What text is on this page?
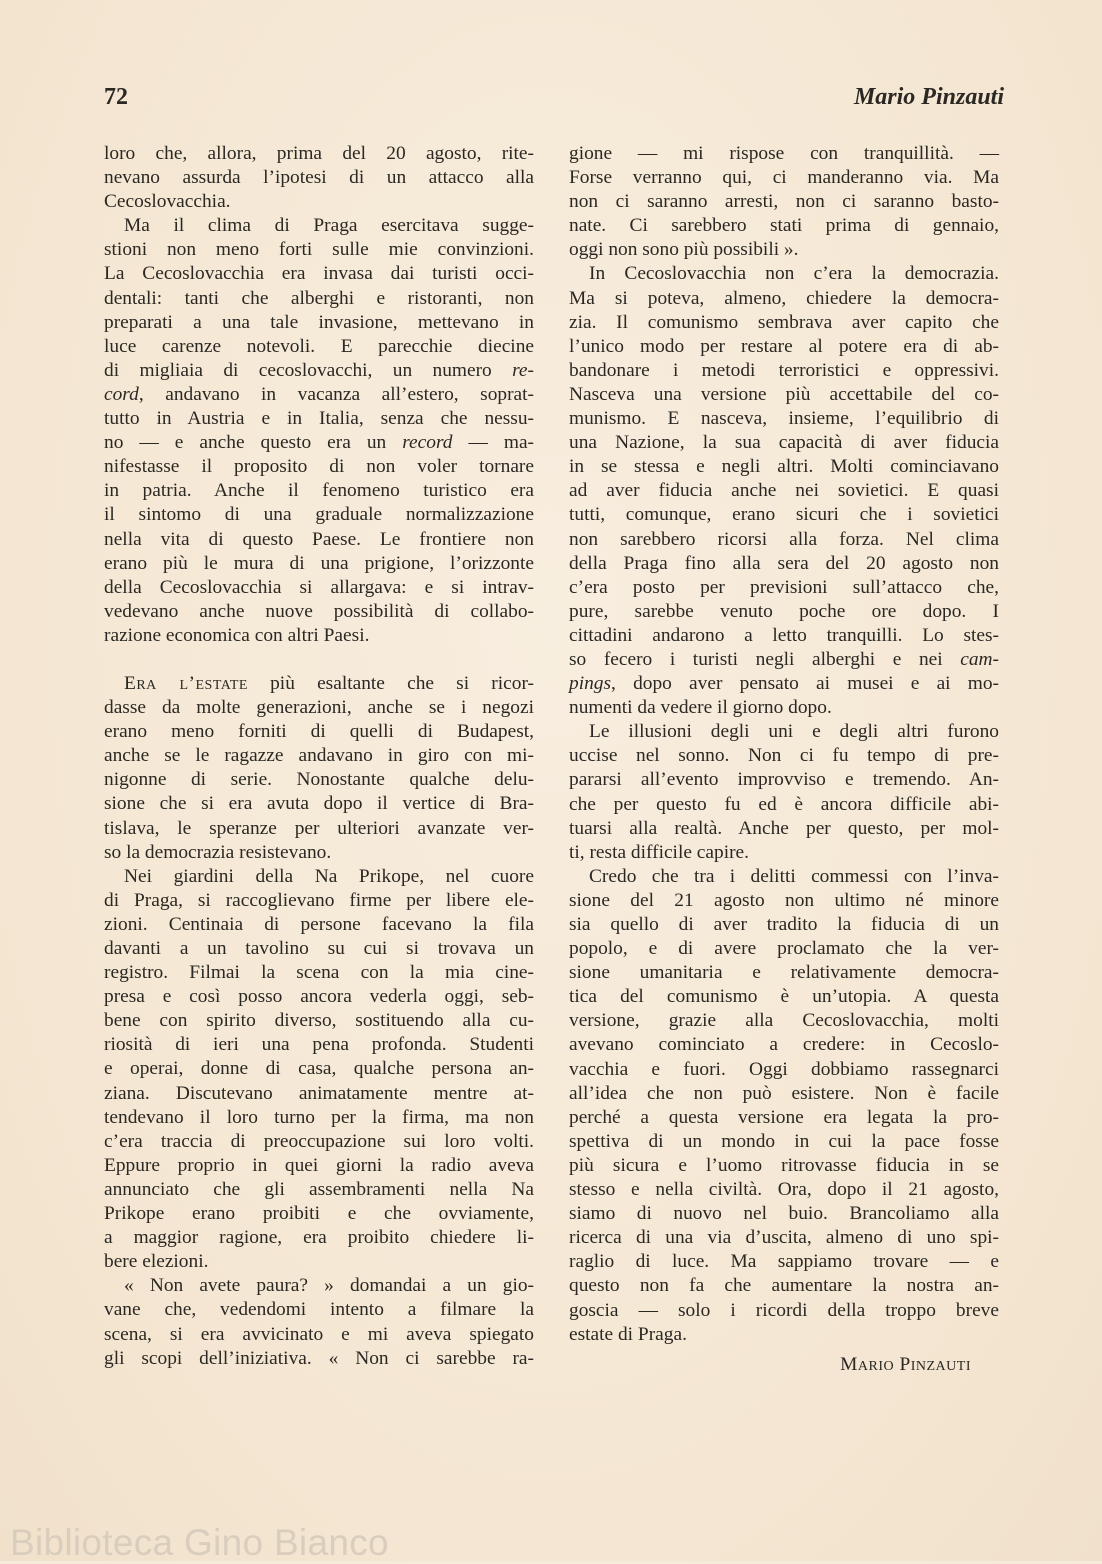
72	Mario Pinzauti
loro che, allora, prima del 20 agosto, rite-
nevano assurda l’ipotesi di un attacco alla
Cecoslovacchia.
Ma il clima di Praga esercitava sugge-
stioni non meno forti sulle mie convinzioni.
La Cecoslovacchia era invasa dai turisti occi-
dentali: tanti che alberghi e ristoranti, non
preparati a una tale invasione, mettevano in
luce carenze notevoli. E parecchie diecine
di migliaia di cecoslovacchi, un numero re-
cord, andavano in vacanza all’estero, soprat-
tutto in Austria e in Italia, senza che nessu-
no — e anche questo era un record — ma-
nifestasse il proposito di non voler tornare
in patria. Anche il fenomeno turistico era
il sintomo di una graduale normalizzazione
nella vita di questo Paese. Le frontiere non
erano più le mura di una prigione, l’orizzonte
della Cecoslovacchia si allargava: e si intrav-
vedevano anche nuove possibilità di collabo-
razione economica con altri Paesi.
Era l’estate più esaltante che si ricor-
dasse da molte generazioni, anche se i negozi
erano meno forniti di quelli di Budapest,
anche se le ragazze andavano in giro con mi-
nigonne di serie. Nonostante qualche delu-
sione che si era avuta dopo il vertice di Bra-
tislava, le speranze per ulteriori avanzate ver-
so la democrazia resistevano.
Nei giardini della Na Prikope, nel cuore
di Praga, si raccoglievano firme per libere ele-
zioni. Centinaia di persone facevano la fila
davanti a un tavolino su cui si trovava un
registro. Filmai la scena con la mia cine-
presa e così posso ancora vederla oggi, seb-
bene con spirito diverso, sostituendo alla cu-
riosità di ieri una pena profonda. Studenti
e operai, donne di casa, qualche persona an-
ziana. Discutevano animatamente mentre at-
tendevano il loro turno per la firma, ma non
c’era traccia di preoccupazione sui loro volti.
Eppure proprio in quei giorni la radio aveva
annunciato che gli assembramenti nella Na
Prikope erano proibiti e che ovviamente,
a maggior ragione, era proibito chiedere li-
bere elezioni.
« Non avete paura? » domandai a un gio-
vane che, vedendomi intento a filmare la
scena, si era avvicinato e mi aveva spiegato
gli scopi dell’iniziativa. « Non ci sarebbe ra-
gione — mi rispose con tranquillità. —
Forse verranno qui, ci manderanno via. Ma
non ci saranno arresti, non ci saranno basto-
nate. Ci sarebbero stati prima di gennaio,
oggi non sono più possibili ».
In Cecoslovacchia non c’era la democrazia.
Ma si poteva, almeno, chiedere la democra-
zia. Il comunismo sembrava aver capito che
l’unico modo per restare al potere era di ab-
bandonare i metodi terroristici e oppressivi.
Nasceva una versione più accettabile del co-
munismo. E nasceva, insieme, l’equilibrio di
una Nazione, la sua capacità di aver fiducia
in se stessa e negli altri. Molti cominciavano
ad aver fiducia anche nei sovietici. E quasi
tutti, comunque, erano sicuri che i sovietici
non sarebbero ricorsi alla forza. Nel clima
della Praga fino alla sera del 20 agosto non
c’era posto per previsioni sull’attacco che,
pure, sarebbe venuto poche ore dopo. I
cittadini andarono a letto tranquilli. Lo stes-
so fecero i turisti negli alberghi e nei cam-
pings, dopo aver pensato ai musei e ai mo-
numenti da vedere il giorno dopo.
Le illusioni degli uni e degli altri furono
uccise nel sonno. Non ci fu tempo di pre-
pararsi all’evento improvviso e tremendo. An-
che per questo fu ed è ancora difficile abi-
tuarsi alla realtà. Anche per questo, per mol-
ti, resta difficile capire.
Credo che tra i delitti commessi con l’inva-
sione del 21 agosto non ultimo né minore
sia quello di aver tradito la fiducia di un
popolo, e di avere proclamato che la ver-
sione umanitaria e relativamente democra-
tica del comunismo è un’utopia. A questa
versione, grazie alla Cecoslovacchia, molti
avevano cominciato a credere: in Cecoslo-
vacchia e fuori. Oggi dobbiamo rassegnarci
all’idea che non può esistere. Non è facile
perché a questa versione era legata la pro-
spettiva di un mondo in cui la pace fosse
più sicura e l’uomo ritrovasse fiducia in se
stesso e nella civiltà. Ora, dopo il 21 agosto,
siamo di nuovo nel buio. Brancoliamo alla
ricerca di una via d’uscita, almeno di uno spi-
raglio di luce. Ma sappiamo trovare — e
questo non fa che aumentare la nostra an-
goscia — solo i ricordi della troppo breve
estate di Praga.
Mario Pinzauti
Biblioteca Gino Bianco
